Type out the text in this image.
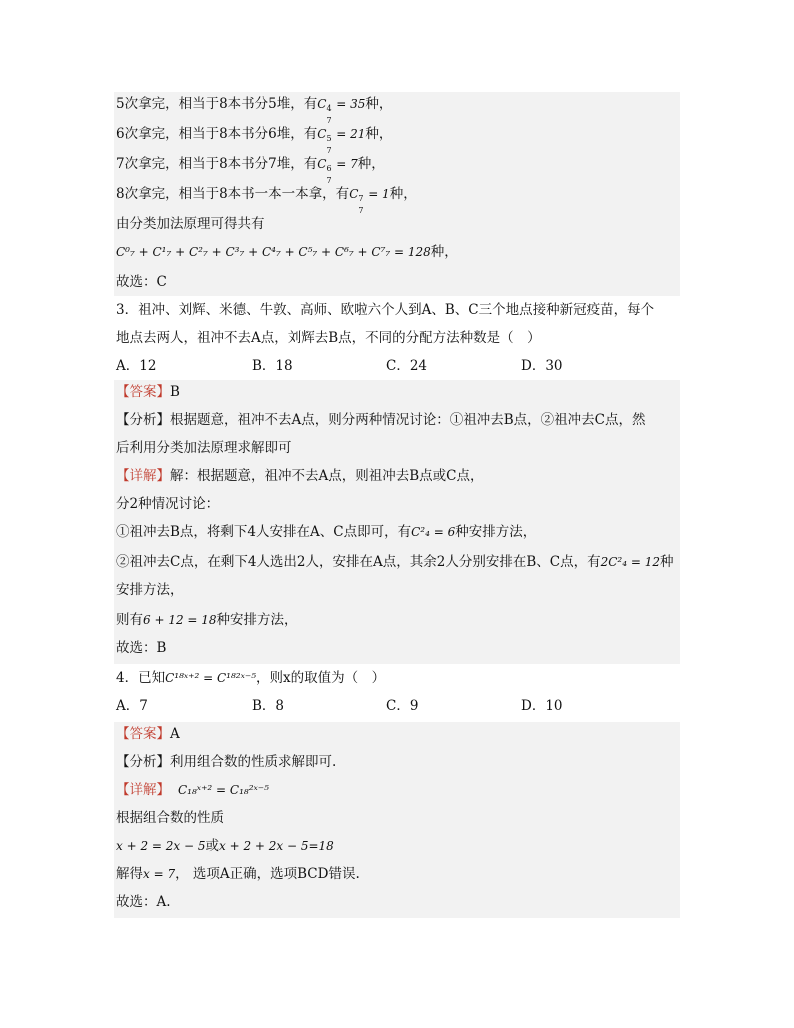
5次拿完，相当于8本书分5堆，有C 4
7
= 35种，
6次拿完，相当于8本书分6堆，有C 5
7
= 21种，
7次拿完，相当于8本书分7堆，有C 6
7
= 7种，
8次拿完，相当于8本书一本一本拿，有C 7
7
= 1种，
由分类加法原理可得共有
C⁰₇ + C¹₇ + C²₇ + C³₇ + C⁴₇ + C⁵₇ + C⁶₇ + C⁷₇ = 128种，
故选：C
3．祖冲、刘辉、米德、牛敦、高师、欧啦六个人到A、B、C三个地点接种新冠疫苗，每个
地点去两人，祖冲不去A点，刘辉去B点，不同的分配方法种数是（　）
A．12	B．18	C．24	D．30
【答案】B
【分析】根据题意，祖冲不去A点，则分两种情况讨论：①祖冲去B点，②祖冲去C点，然
后利用分类加法原理求解即可
【详解】解：根据题意，祖冲不去A点，则祖冲去B点或C点，
分2种情况讨论：
①祖冲去B点，将剩下4人安排在A、C点即可，有C²₄ = 6种安排方法，
②祖冲去C点，在剩下4人选出2人，安排在A点，其余2人分别安排在B、C点，有2C²₄ = 12种
安排方法，
则有6 + 12 = 18种安排方法，
故选：B
4．已知C¹⁸ˣ⁺² = C¹⁸²ˣ⁻⁵，则x的取值为（　）
A．7	B．8	C．9	D．10
【答案】A
【分析】利用组合数的性质求解即可.
【详解】 C₁₈ˣ⁺² = C₁₈²ˣ⁻⁵
根据组合数的性质
x + 2 = 2x − 5或x + 2 + 2x − 5=18
解得x = 7， 选项A正确，选项BCD错误.
故选：A.
